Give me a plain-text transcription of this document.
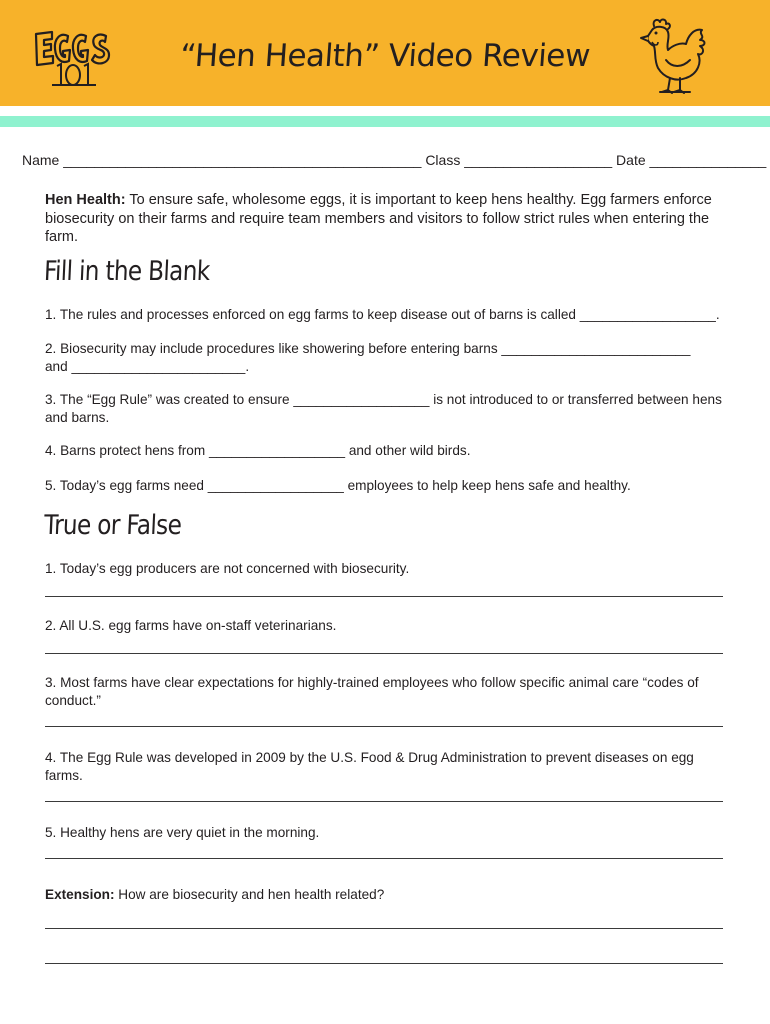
“Hen Health” Video Review
Name ______________________________________________ Class ___________________ Date _______________
Hen Health: To ensure safe, wholesome eggs, it is important to keep hens healthy. Egg farmers enforce biosecurity on their farms and require team members and visitors to follow strict rules when entering the farm.
Fill in the Blank
1. The rules and processes enforced on egg farms to keep disease out of barns is called __________________.
2. Biosecurity may include procedures like showering before entering barns _________________________ and _______________________.
3. The “Egg Rule” was created to ensure __________________ is not introduced to or transferred between hens and barns.
4. Barns protect hens from __________________ and other wild birds.
5. Today’s egg farms need __________________ employees to help keep hens safe and healthy.
True or False
1. Today’s egg producers are not concerned with biosecurity.
2. All U.S. egg farms have on-staff veterinarians.
3. Most farms have clear expectations for highly-trained employees who follow specific animal care “codes of conduct.”
4. The Egg Rule was developed in 2009 by the U.S. Food & Drug Administration to prevent diseases on egg farms.
5. Healthy hens are very quiet in the morning.
Extension: How are biosecurity and hen health related?
